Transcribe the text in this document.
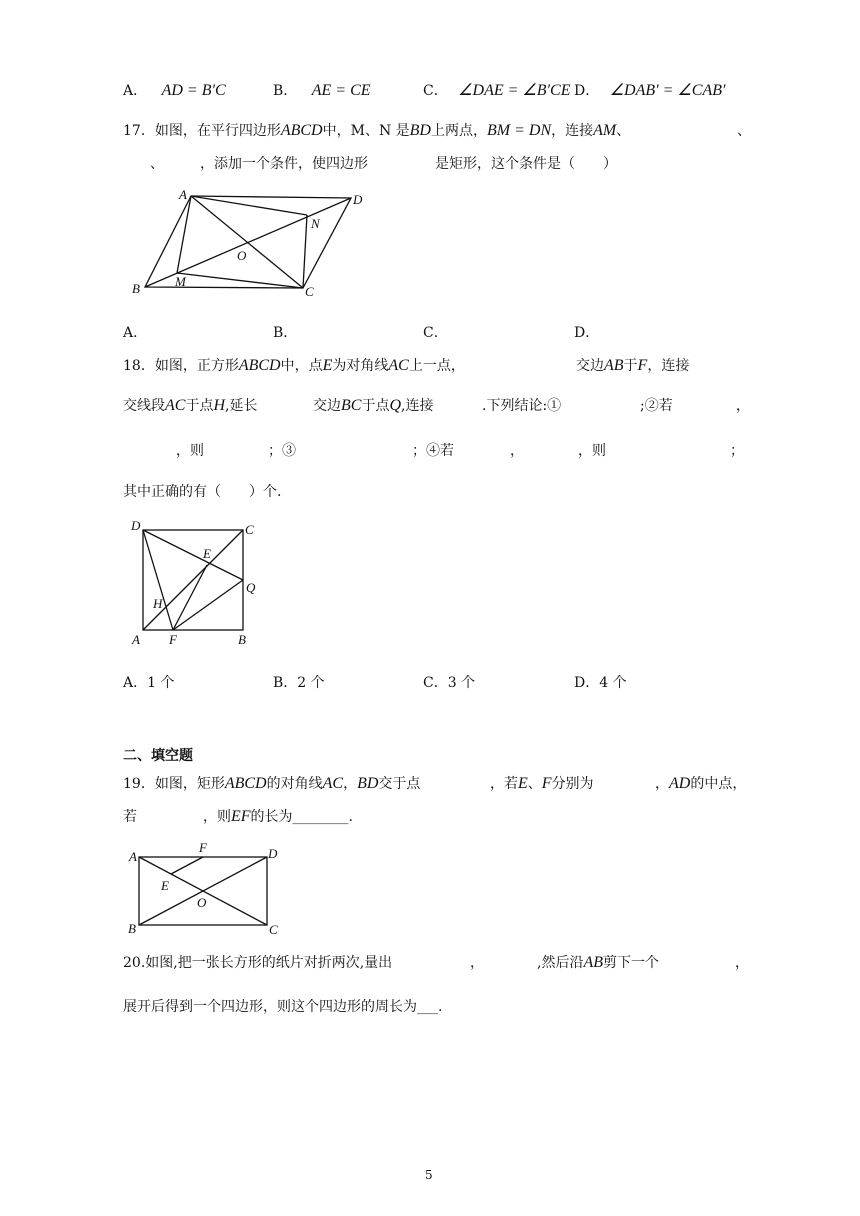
A． AD = B′C	B． AE = CE	C． ∠DAE = ∠B′CE D． ∠DAB′ = ∠CAB′
17．如图，在平行四边形ABCD中，M、N 是BD上两点，BM = DN，连接AM、	、
、	，添加一个条件，使四边形	是矩形，这个条件是（　　）
A	D
N
O
M
B	C
A．	B．	C．	D．
18．如图，正方形ABCD中，点E为对角线AC上一点，	交边AB于F，连接
交线段AC于点H,延长	交边BC于点Q,连接	.下列结论:①	;②若	，
，则	；③	；④若	，	，则	；
其中正确的有（　　）个.
D	C
E
H
Q
A F	B
A．1 个	B．2 个	C．3 个	D．4 个
二、填空题
19．如图，矩形ABCD的对角线AC，BD交于点	，若E、F分别为	，AD的中点，
若	，则EF的长为________.
A
F	D
E
O
B	C
20.如图,把一张长方形的纸片对折两次,量出	，	,然后沿AB剪下一个	，
展开后得到一个四边形，则这个四边形的周长为___.
5
